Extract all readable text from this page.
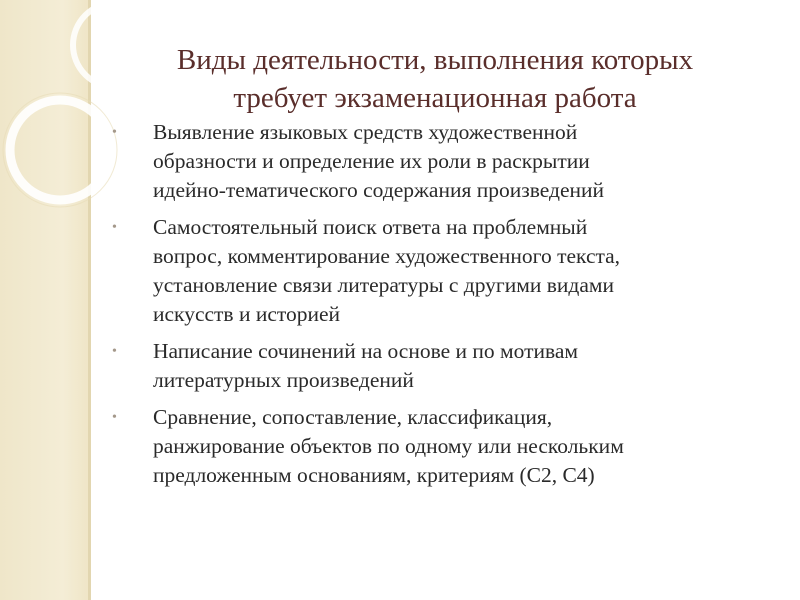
Виды деятельности, выполнения которых
требует экзаменационная работа
• Выявление языковых средств художественной
образности и определение их роли в раскрытии
идейно-тематического содержания произведений
• Самостоятельный поиск ответа на проблемный
вопрос, комментирование художественного текста,
установление связи литературы с другими видами
искусств и историей
• Написание сочинений на основе и по мотивам
литературных произведений
• Сравнение, сопоставление, классификация,
ранжирование объектов по одному или нескольким
предложенным основаниям, критериям (С2, С4)
